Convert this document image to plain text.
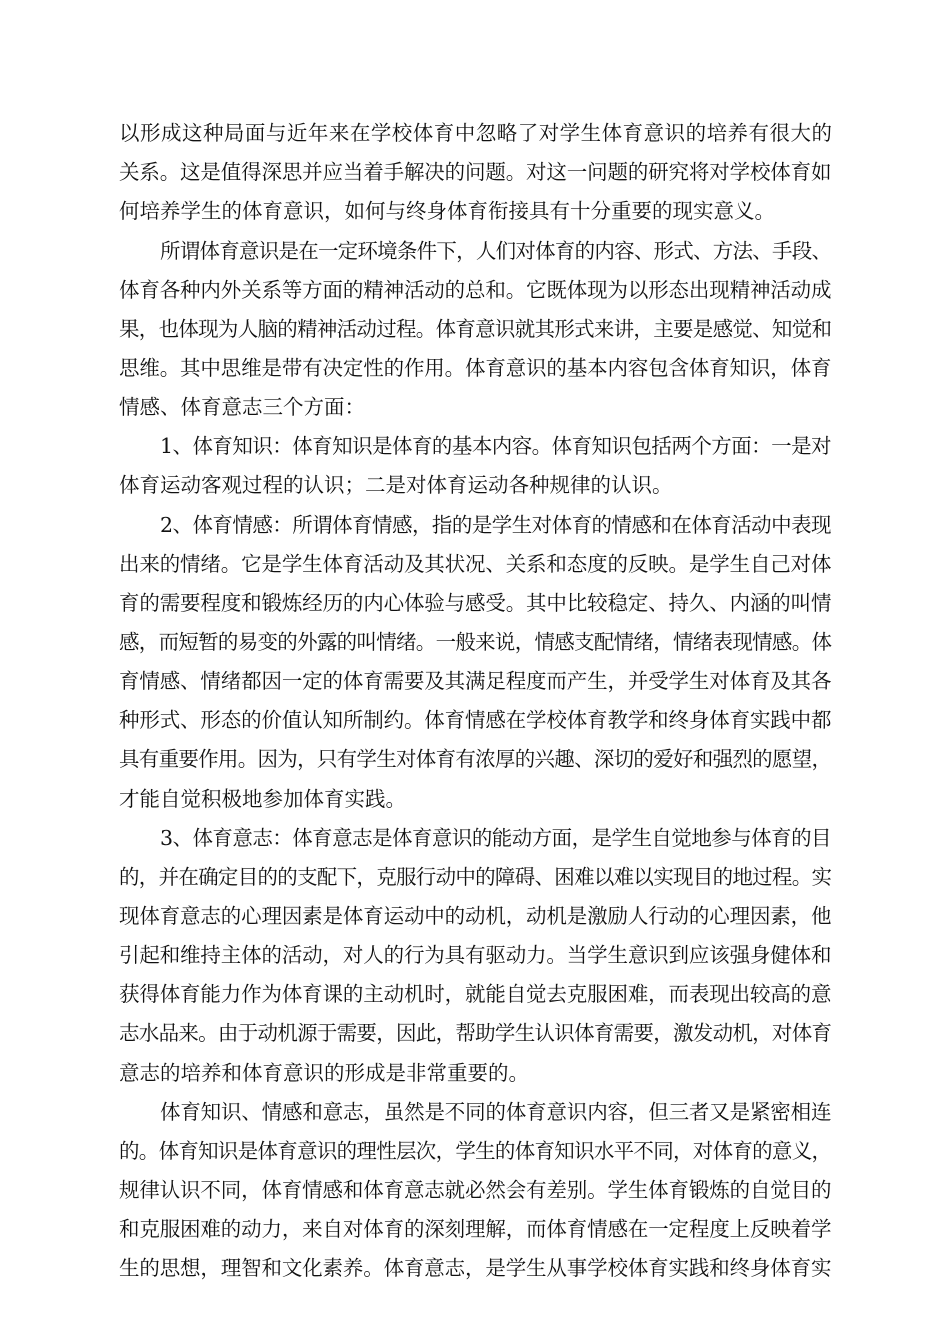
以形成这种局面与近年来在学校体育中忽略了对学生体育意识的培养有很大的
关系。这是值得深思并应当着手解决的问题。对这一问题的研究将对学校体育如
何培养学生的体育意识，如何与终身体育衔接具有十分重要的现实意义。
所谓体育意识是在一定环境条件下，人们对体育的内容、形式、方法、手段、
体育各种内外关系等方面的精神活动的总和。它既体现为以形态出现精神活动成
果，也体现为人脑的精神活动过程。体育意识就其形式来讲，主要是感觉、知觉和
思维。其中思维是带有决定性的作用。体育意识的基本内容包含体育知识，体育
情感、体育意志三个方面：
1、体育知识：体育知识是体育的基本内容。体育知识包括两个方面：一是对
体育运动客观过程的认识；二是对体育运动各种规律的认识。
2、体育情感：所谓体育情感，指的是学生对体育的情感和在体育活动中表现
出来的情绪。它是学生体育活动及其状况、关系和态度的反映。是学生自己对体
育的需要程度和锻炼经历的内心体验与感受。其中比较稳定、持久、内涵的叫情
感，而短暂的易变的外露的叫情绪。一般来说，情感支配情绪，情绪表现情感。体
育情感、情绪都因一定的体育需要及其满足程度而产生，并受学生对体育及其各
种形式、形态的价值认知所制约。体育情感在学校体育教学和终身体育实践中都
具有重要作用。因为，只有学生对体育有浓厚的兴趣、深切的爱好和强烈的愿望，
才能自觉积极地参加体育实践。
3、体育意志：体育意志是体育意识的能动方面，是学生自觉地参与体育的目
的，并在确定目的的支配下，克服行动中的障碍、困难以难以实现目的地过程。实
现体育意志的心理因素是体育运动中的动机，动机是激励人行动的心理因素，他
引起和维持主体的活动，对人的行为具有驱动力。当学生意识到应该强身健体和
获得体育能力作为体育课的主动机时，就能自觉去克服困难，而表现出较高的意
志水品来。由于动机源于需要，因此，帮助学生认识体育需要，激发动机，对体育
意志的培养和体育意识的形成是非常重要的。
体育知识、情感和意志，虽然是不同的体育意识内容，但三者又是紧密相连
的。体育知识是体育意识的理性层次，学生的体育知识水平不同，对体育的意义，
规律认识不同，体育情感和体育意志就必然会有差别。学生体育锻炼的自觉目的
和克服困难的动力，来自对体育的深刻理解，而体育情感在一定程度上反映着学
生的思想，理智和文化素养。体育意志，是学生从事学校体育实践和终身体育实
